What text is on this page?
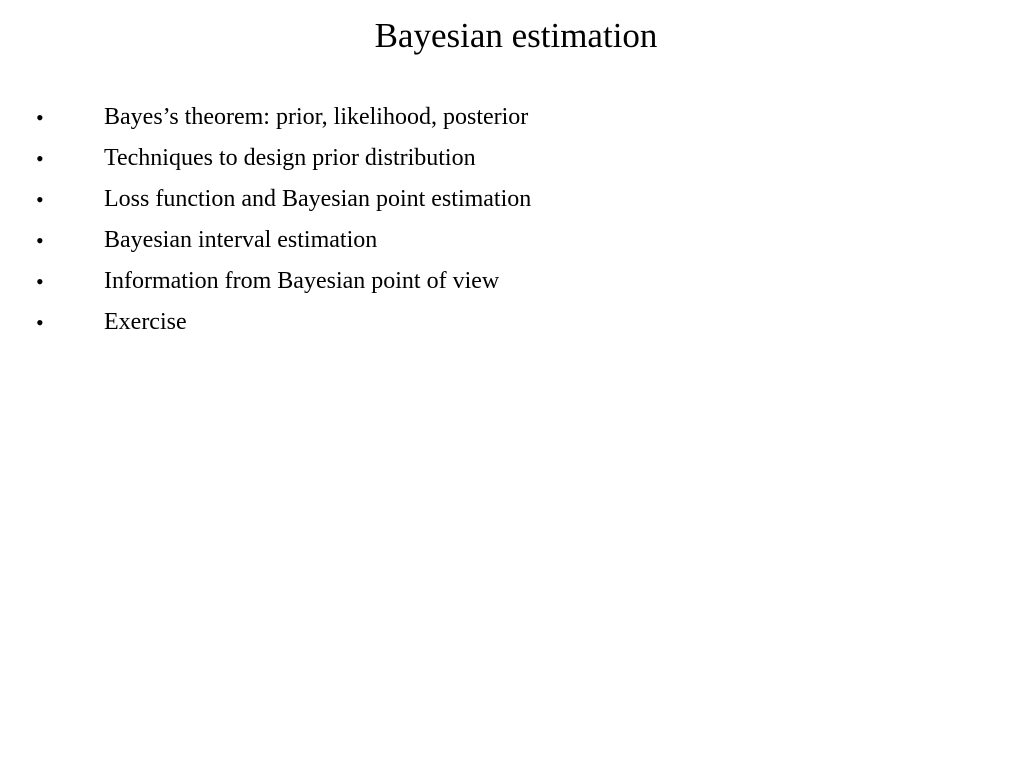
Bayesian estimation
•	Bayes’s theorem: prior, likelihood, posterior
•	Techniques to design prior distribution
•	Loss function and Bayesian point estimation
•	Bayesian interval estimation
•	Information from Bayesian point of view
•	Exercise
